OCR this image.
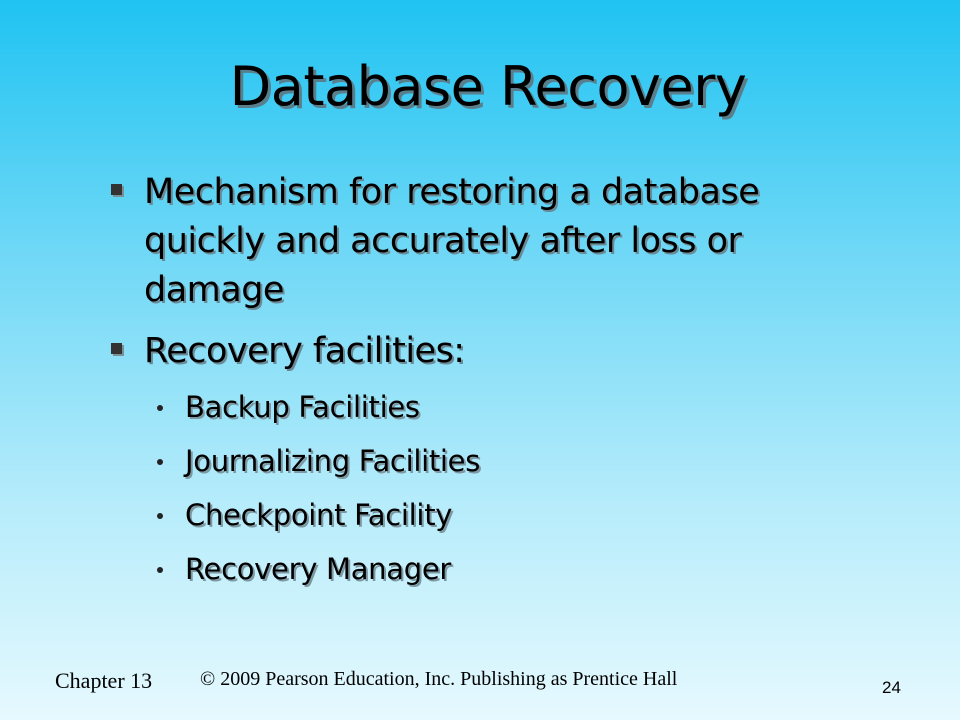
Database Recovery
Mechanism for restoring a database quickly and accurately after loss or damage
Recovery facilities:
Backup Facilities
Journalizing Facilities
Checkpoint Facility
Recovery Manager
Chapter 13 © 2009 Pearson Education, Inc. Publishing as Prentice Hall	24
